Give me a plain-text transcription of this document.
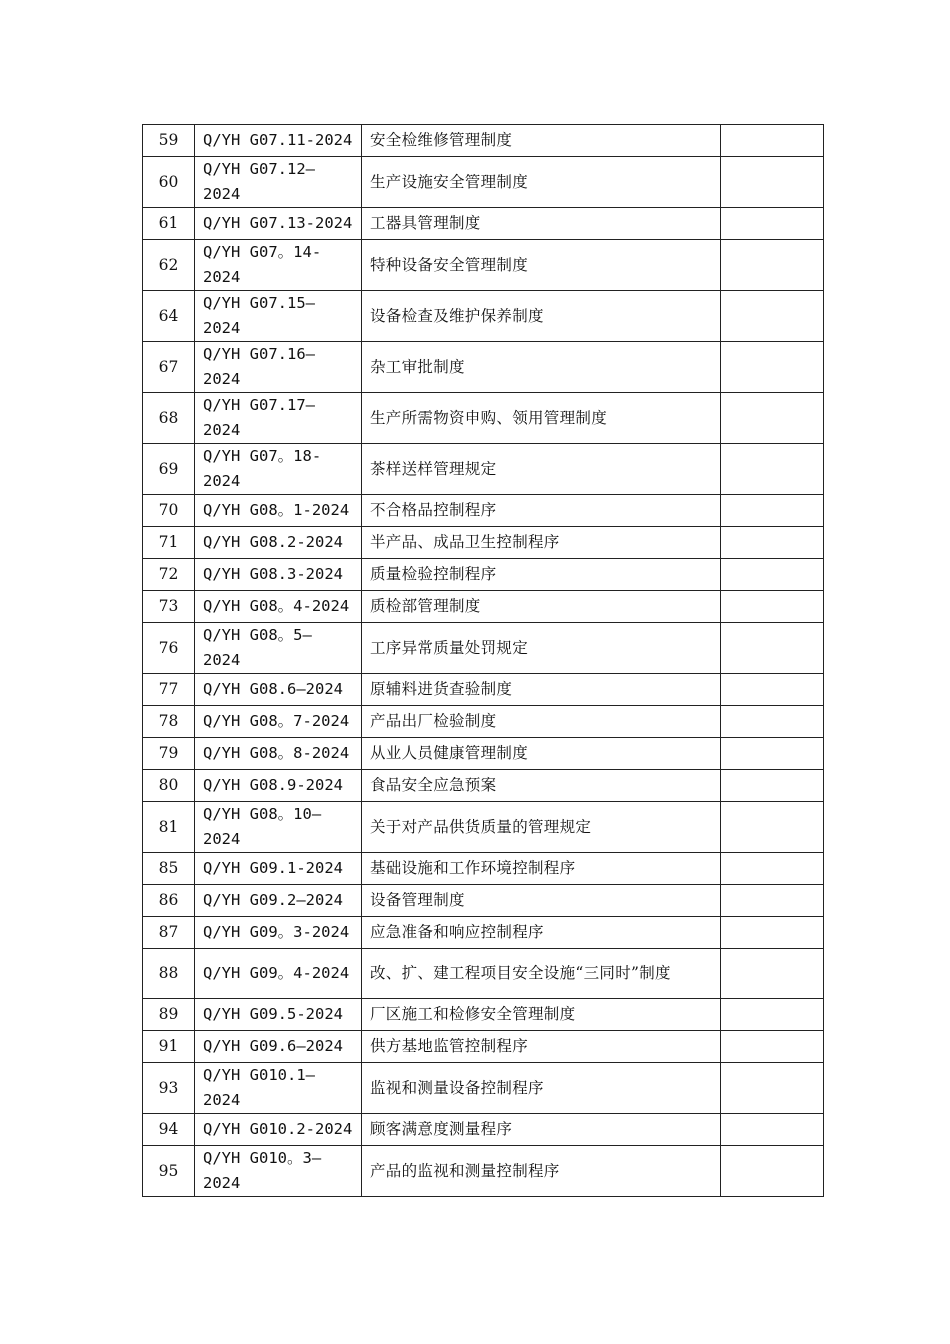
59	Q/YH G07.11-2024	安全检维修管理制度	
60	Q/YH G07.12—
2024	生产设施安全管理制度	
61	Q/YH G07.13-2024	工器具管理制度	
62	Q/YH G07。14-
2024	特种设备安全管理制度	
64	Q/YH G07.15—
2024	设备检查及维护保养制度	
67	Q/YH G07.16—
2024	杂工审批制度	
68	Q/YH G07.17—
2024	生产所需物资申购、领用管理制度	
69	Q/YH G07。18-
2024	茶样送样管理规定	
70	Q/YH G08。1-2024	不合格品控制程序	
71	Q/YH G08.2-2024	半产品、成品卫生控制程序	
72	Q/YH G08.3-2024	质量检验控制程序	
73	Q/YH G08。4-2024	质检部管理制度	
76	Q/YH G08。5—
2024	工序异常质量处罚规定	
77	Q/YH G08.6—2024	原辅料进货查验制度	
78	Q/YH G08。7-2024	产品出厂检验制度	
79	Q/YH G08。8-2024	从业人员健康管理制度	
80	Q/YH G08.9-2024	食品安全应急预案	
81	Q/YH G08。10—
2024	关于对产品供货质量的管理规定	
85	Q/YH G09.1-2024	基础设施和工作环境控制程序	
86	Q/YH G09.2—2024	设备管理制度	
87	Q/YH G09。3-2024	应急准备和响应控制程序	
88	Q/YH G09。4-2024	改、扩、建工程项目安全设施“三同时”制度	
89	Q/YH G09.5-2024	厂区施工和检修安全管理制度	
91	Q/YH G09.6—2024	供方基地监管控制程序	
93	Q/YH G010.1—
2024	监视和测量设备控制程序	
94	Q/YH G010.2-2024	顾客满意度测量程序	
95	Q/YH G010。3—
2024	产品的监视和测量控制程序	
